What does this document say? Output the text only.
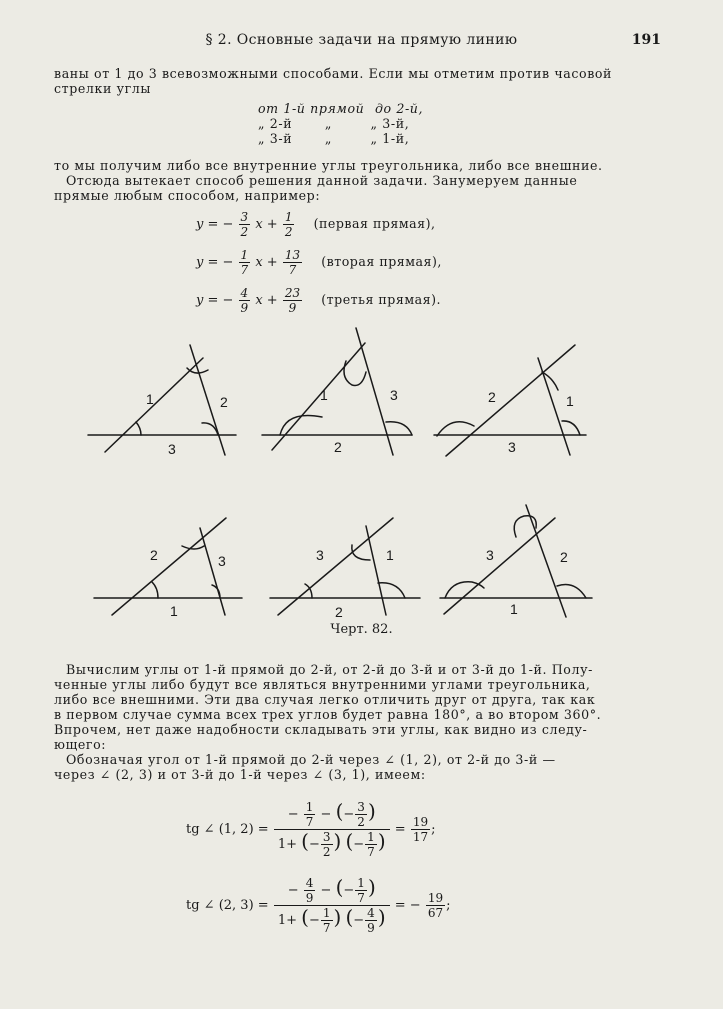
§ 2. Основные задачи на прямую линию	191
ваны от 1 до 3 всевозможными способами. Если мы отметим против часовой
стрелки углы
от 1-й прямой до 2-й,
„ 2-й	„	„ 3-й,
„ 3-й	„	„ 1-й,
то мы получим либо все внутренние углы треугольника, либо все внешние.
Отсюда вытекает способ решения данной задачи. Занумеруем данные
прямые любым способом, например:
y = − $\frac{3}{2}$ $x + \frac{1}{2}$ (первая прямая),
y = − $\frac{1}{7}$ $x + \frac{13}{7}$ (вторая прямая),
y = − $\frac{4}{9}$ $x + \frac{23}{9}$ (третья прямая).
1	2
3
1	3
2
2	1
3
2	3
1
3	1
2
3	2
1
Черт. 82.
Вычислим углы от 1-й прямой до 2-й, от 2-й до 3-й и от 3-й до 1-й. Полу-
ченные углы либо будут все являться внутренними углами треугольника,
либо все внешними. Эти два случая легко отличить друг от друга, так как
в первом случае сумма всех трех углов будет равна 180°, а во втором 360°.
Впрочем, нет даже надобности складывать эти углы, как видно из следу-
ющего:
Обозначая угол от 1-й прямой до 2-й через ∠ (1, 2), от 2-й до 3-й —
через ∠ (2, 3) и от 3-й до 1-й через ∠ (3, 1), имеем:
tg ∠ (1, $2) = \frac{- \frac{1}{7} - (- \frac{3}{2} )}{1+ (- \frac{3}{2} ) (- \frac{1}{7} )} = \frac{19}{17}$ ;
tg ∠ (2, $3) = \frac{- \frac{4}{9} - (- \frac{1}{7} )}{1+ (- \frac{1}{7} ) (- \frac{4}{9} )}$ = − $\frac{19}{67}$ ;
